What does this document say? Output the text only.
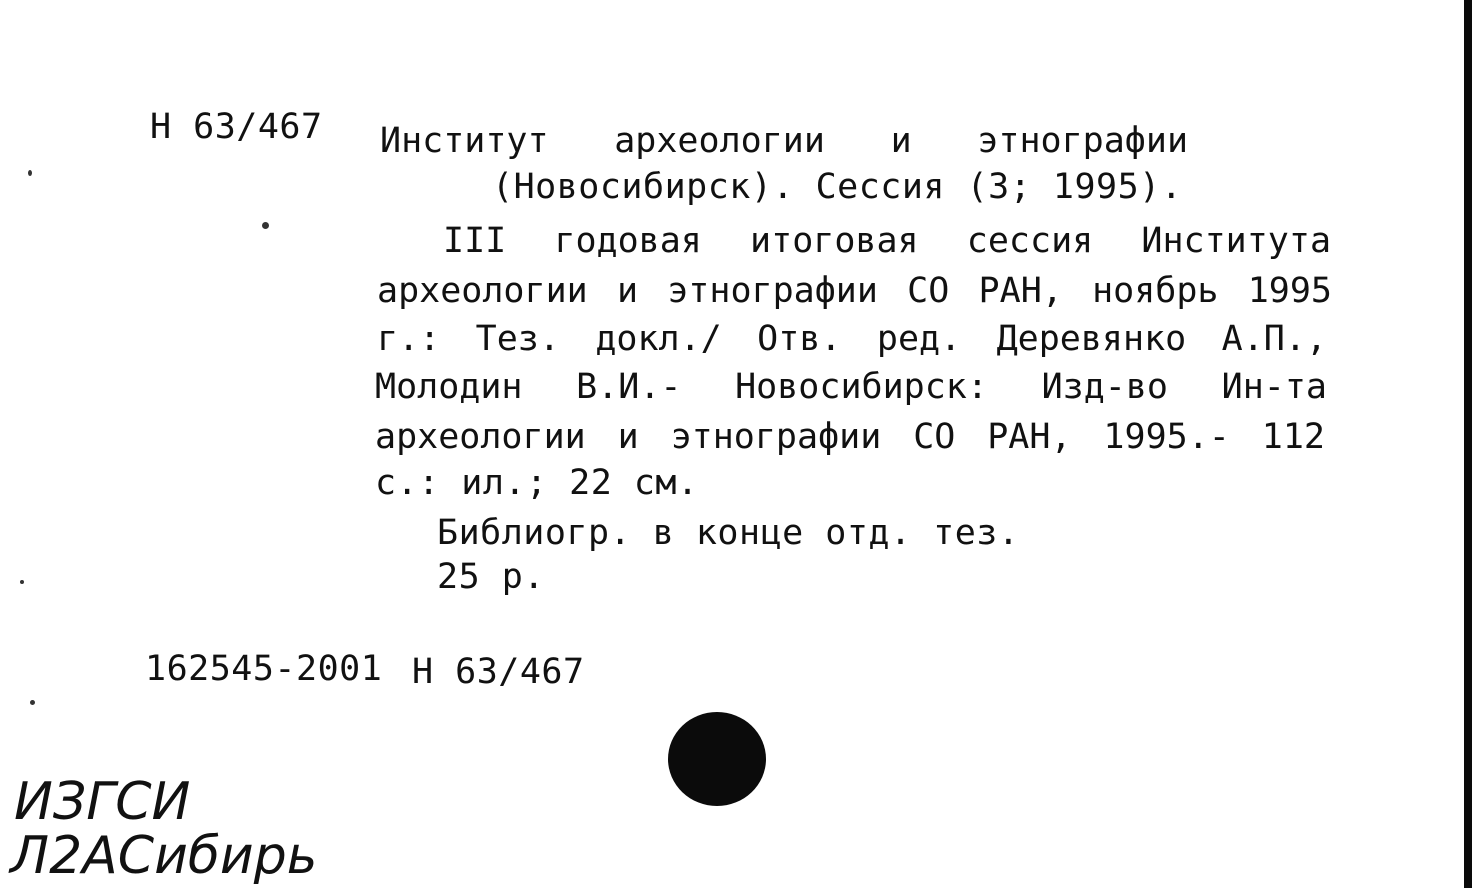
Н 63/467 Институт археологии и этнографии
(Новосибирск). Сессия (3; 1995).
III годовая итоговая сессия Института
археологии и этнографии СО РАН, ноябрь 1995
г.: Тез. докл./ Отв. ред. Деревянко А.П.,
Молодин В.И.- Новосибирск: Изд-во Ин-та
археологии и этнографии СО РАН, 1995.- 112
с.: ил.; 22 см.
Библиогр. в конце отд. тез.
25 р.
162545-2001 Н 63/467
ИЗГСИ
Л2АСибирь
